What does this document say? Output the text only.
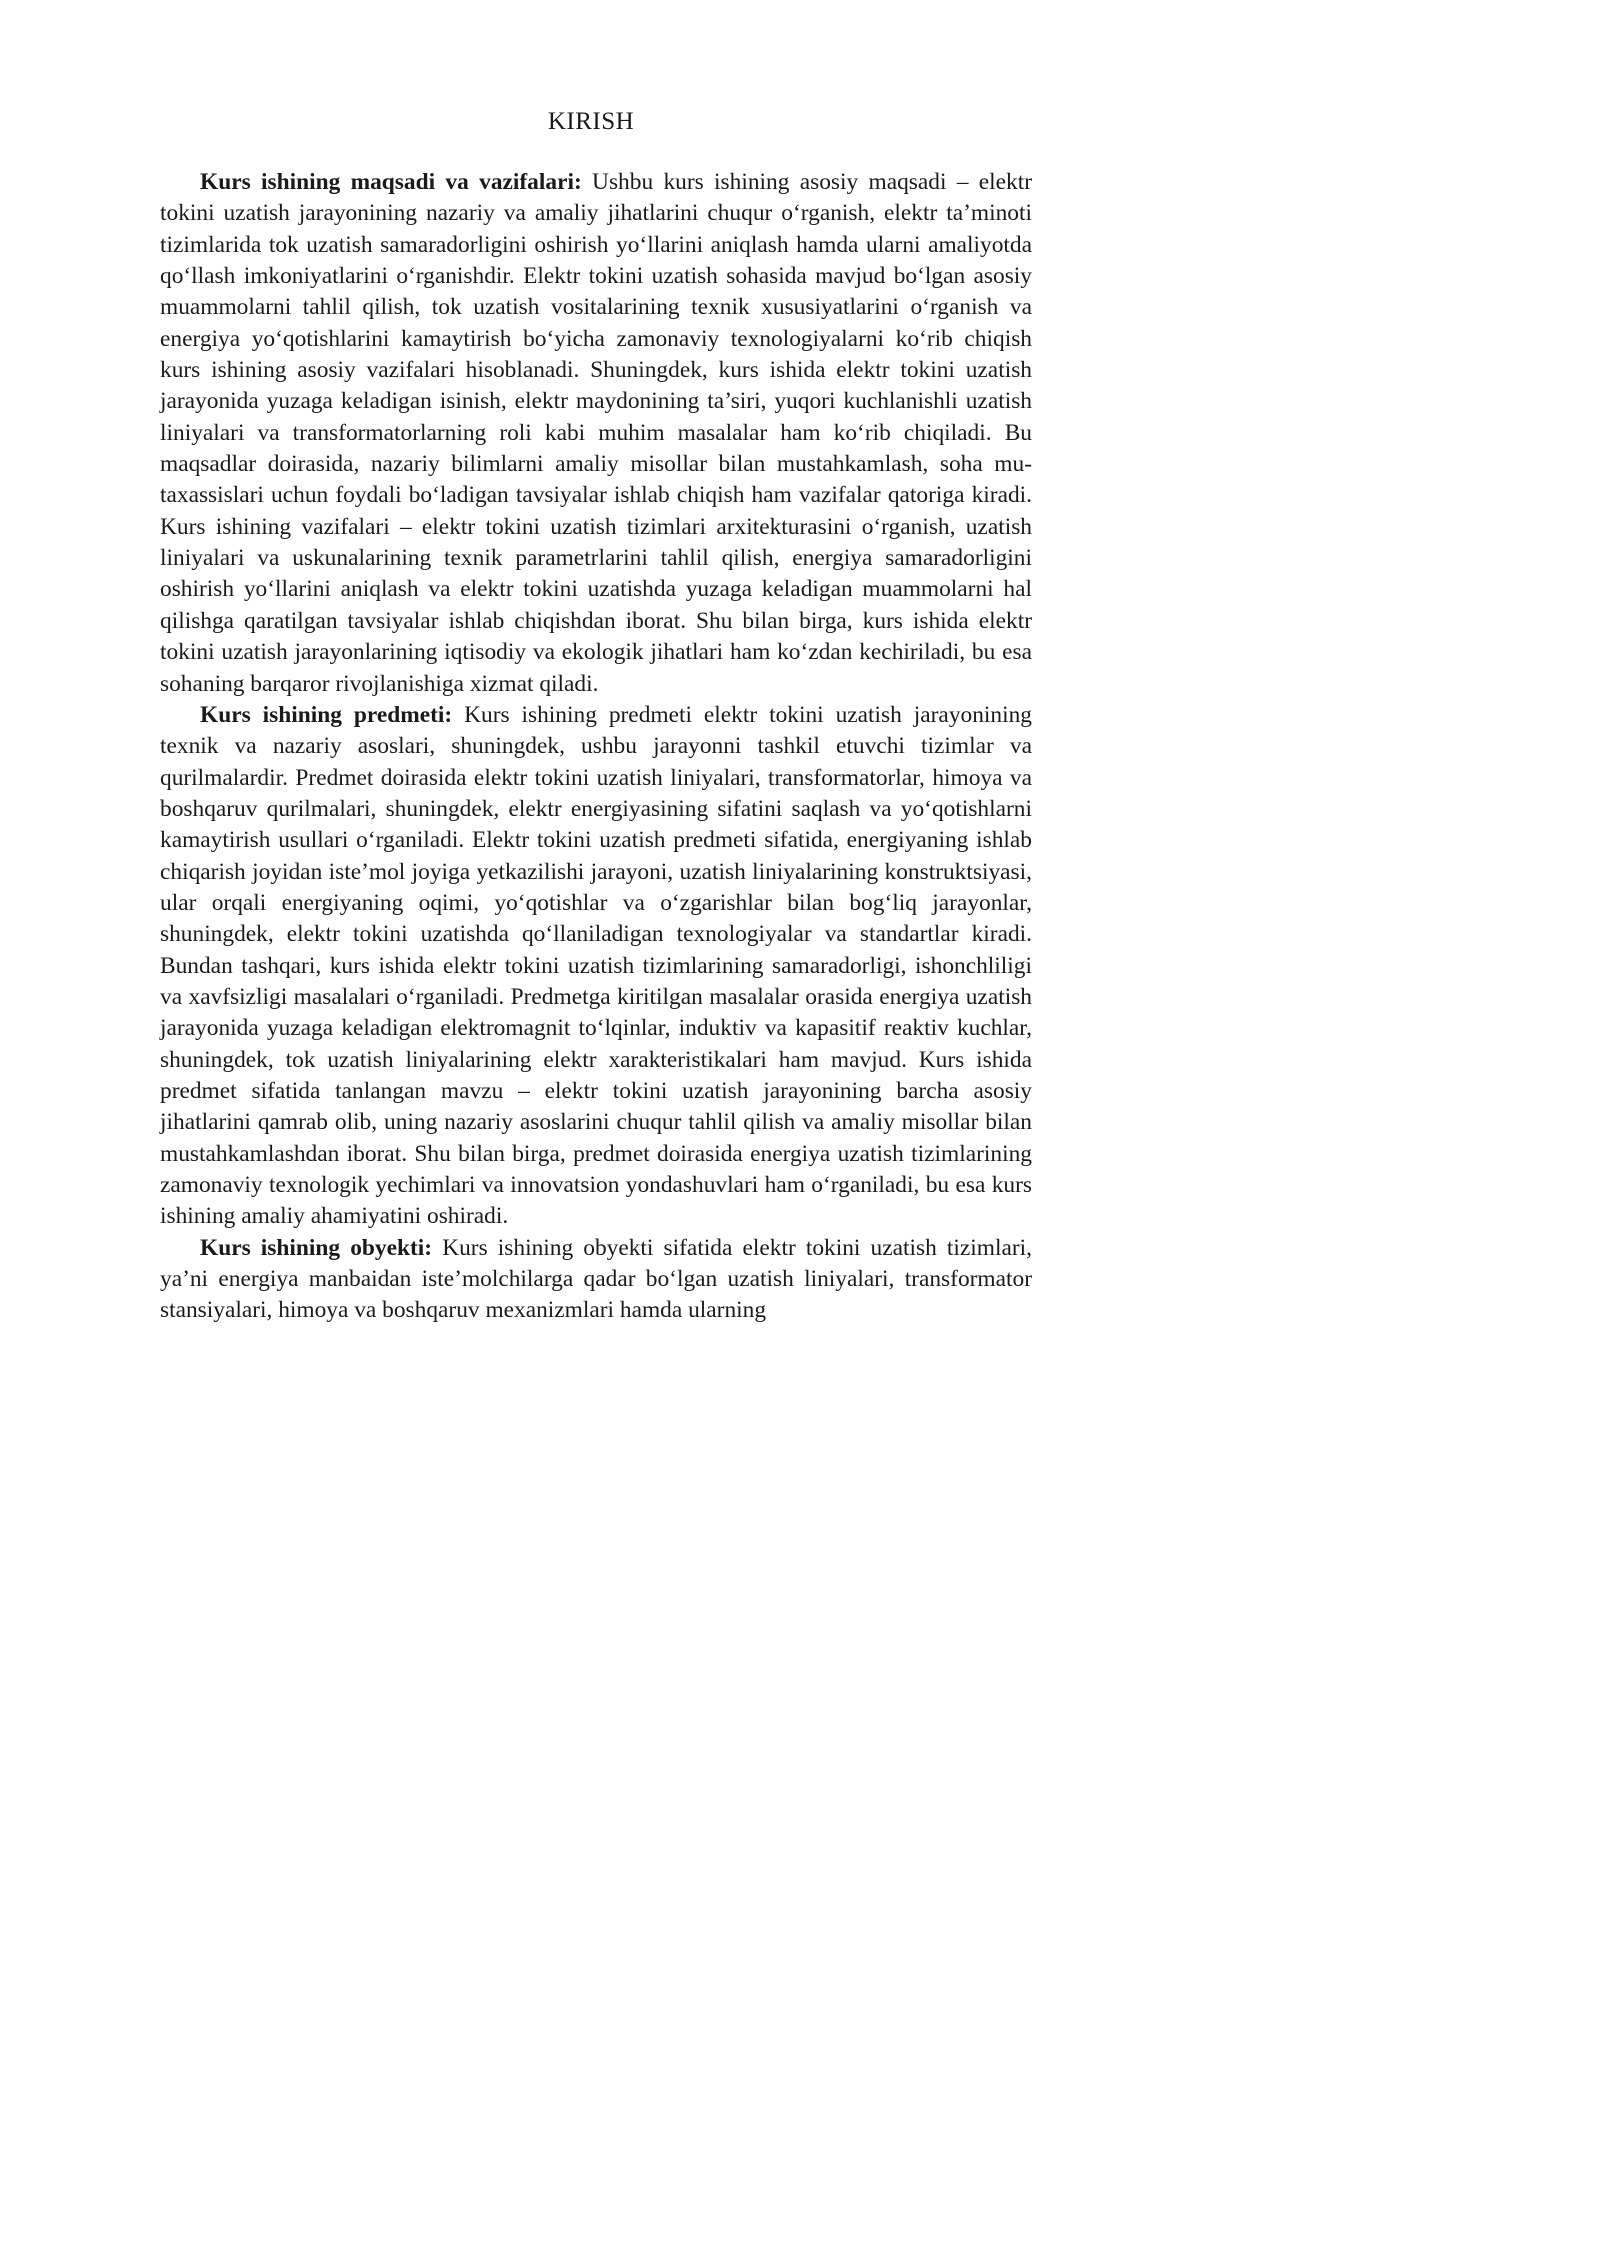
KIRISH

Kurs ishining maqsadi va vazifalari: Ushbu kurs ishining asosiy maqsadi – elektr tokini uzatish jarayonining nazariy va amaliy jihatlarini chuqur o‘rganish, elektr ta’minoti tizimlarida tok uzatish samaradorligini oshirish yo‘llarini aniqlash hamda ularni amaliyotda qo‘llash imkoniyatlarini o‘rganishdir. Elektr tokini uzatish sohasida mavjud bo‘lgan asosiy muammolarni tahlil qilish, tok uzatish vositalarining texnik xususiyatlarini o‘rganish va energiya yo‘qotishlarini kamaytirish bo‘yicha zamonaviy texnologiyalarni ko‘rib chiqish kurs ishining asosiy vazifalari hisoblanadi. Shuningdek, kurs ishida elektr tokini uzatish jarayonida yuzaga keladigan isinish, elektr maydonining ta’siri, yuqori kuchlanishli uzatish liniyalari va transformatorlarning roli kabi muhim masalalar ham ko‘rib chiqiladi. Bu maqsadlar doirasida, nazariy bilimlarni amaliy misollar bilan mustahkamlash, soha mutaxassislari uchun foydali bo‘ladigan tavsiyalar ishlab chiqish ham vazifalar qatoriga kiradi. Kurs ishining vazifalari – elektr tokini uzatish tizimlari arxitekturasini o‘rganish, uzatish liniyalari va uskunalarining texnik parametrlarini tahlil qilish, energiya samaradorligini oshirish yo‘llarini aniqlash va elektr tokini uzatishda yuzaga keladigan muammolarni hal qilishga qaratilgan tavsiyalar ishlab chiqishdan iborat. Shu bilan birga, kurs ishida elektr tokini uzatish jarayonlarining iqtisodiy va ekologik jihatlari ham ko‘zdan kechiriladi, bu esa sohaning barqaror rivojlanishiga xizmat qiladi.

Kurs ishining predmeti: Kurs ishining predmeti elektr tokini uzatish jarayonining texnik va nazariy asoslari, shuningdek, ushbu jarayonni tashkil etuvchi tizimlar va qurilmalardir. Predmet doirasida elektr tokini uzatish liniyalari, transformatorlar, himoya va boshqaruv qurilmalari, shuningdek, elektr energiyasining sifatini saqlash va yo‘qotishlarni kamaytirish usullari o‘rganiladi. Elektr tokini uzatish predmeti sifatida, energiyaning ishlab chiqarish joyidan iste’mol joyiga yetkazilishi jarayoni, uzatish liniyalarining konstruktsiyasi, ular orqali energiyaning oqimi, yo‘qotishlar va o‘zgarishlar bilan bog‘liq jarayonlar, shuningdek, elektr tokini uzatishda qo‘llaniladigan texnologiyalar va standartlar kiradi. Bundan tashqari, kurs ishida elektr tokini uzatish tizimlarining samaradorligi, ishonchliligi va xavfsizligi masalalari o‘rganiladi. Predmetga kiritilgan masalalar orasida energiya uzatish jarayonida yuzaga keladigan elektromagnit to‘lqinlar, induktiv va kapasitif reaktiv kuchlar, shuningdek, tok uzatish liniyalarining elektr xarakteristikalari ham mavjud. Kurs ishida predmet sifatida tanlangan mavzu – elektr tokini uzatish jarayonining barcha asosiy jihatlarini qamrab olib, uning nazariy asoslarini chuqur tahlil qilish va amaliy misollar bilan mustahkamlashdan iborat. Shu bilan birga, predmet doirasida energiya uzatish tizimlarining zamonaviy texnologik yechimlari va innovatsion yondashuvlari ham o‘rganiladi, bu esa kurs ishining amaliy ahamiyatini oshiradi.

Kurs ishining obyekti: Kurs ishining obyekti sifatida elektr tokini uzatish tizimlari, ya’ni energiya manbaidan iste’molchilarga qadar bo‘lgan uzatish liniyalari, transformator stansiyalari, himoya va boshqaruv mexanizmlari hamda ularning
